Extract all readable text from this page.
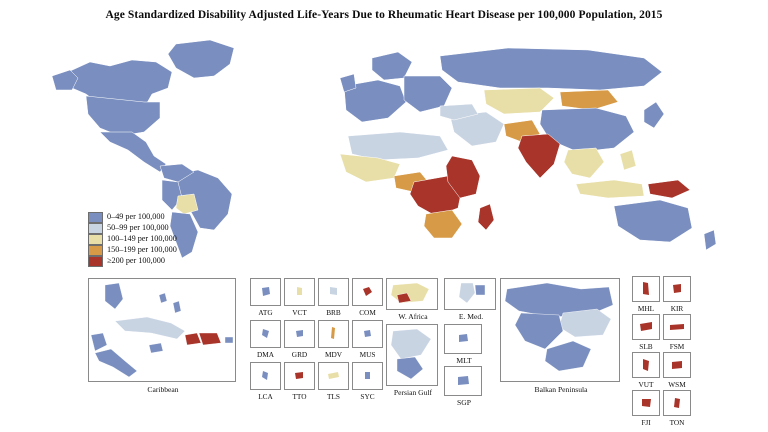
Age Standardized Disability Adjusted Life-Years Due to Rheumatic Heart Disease per 100,000 Population, 2015
0–49 per 100,000
50–99 per 100,000
100–149 per 100,000
150–199 per 100,000
≥200 per 100,000
Caribbean
ATG	VCT	BRB	COM
DMA	GRD	MDV	MUS
LCA	TTO	TLS	SYC
W. Africa	E. Med.
MLT
SGP
Persian Gulf	Balkan Peninsula
MHL	KIR
SLB	FSM
VUT	WSM
FJI	TON
